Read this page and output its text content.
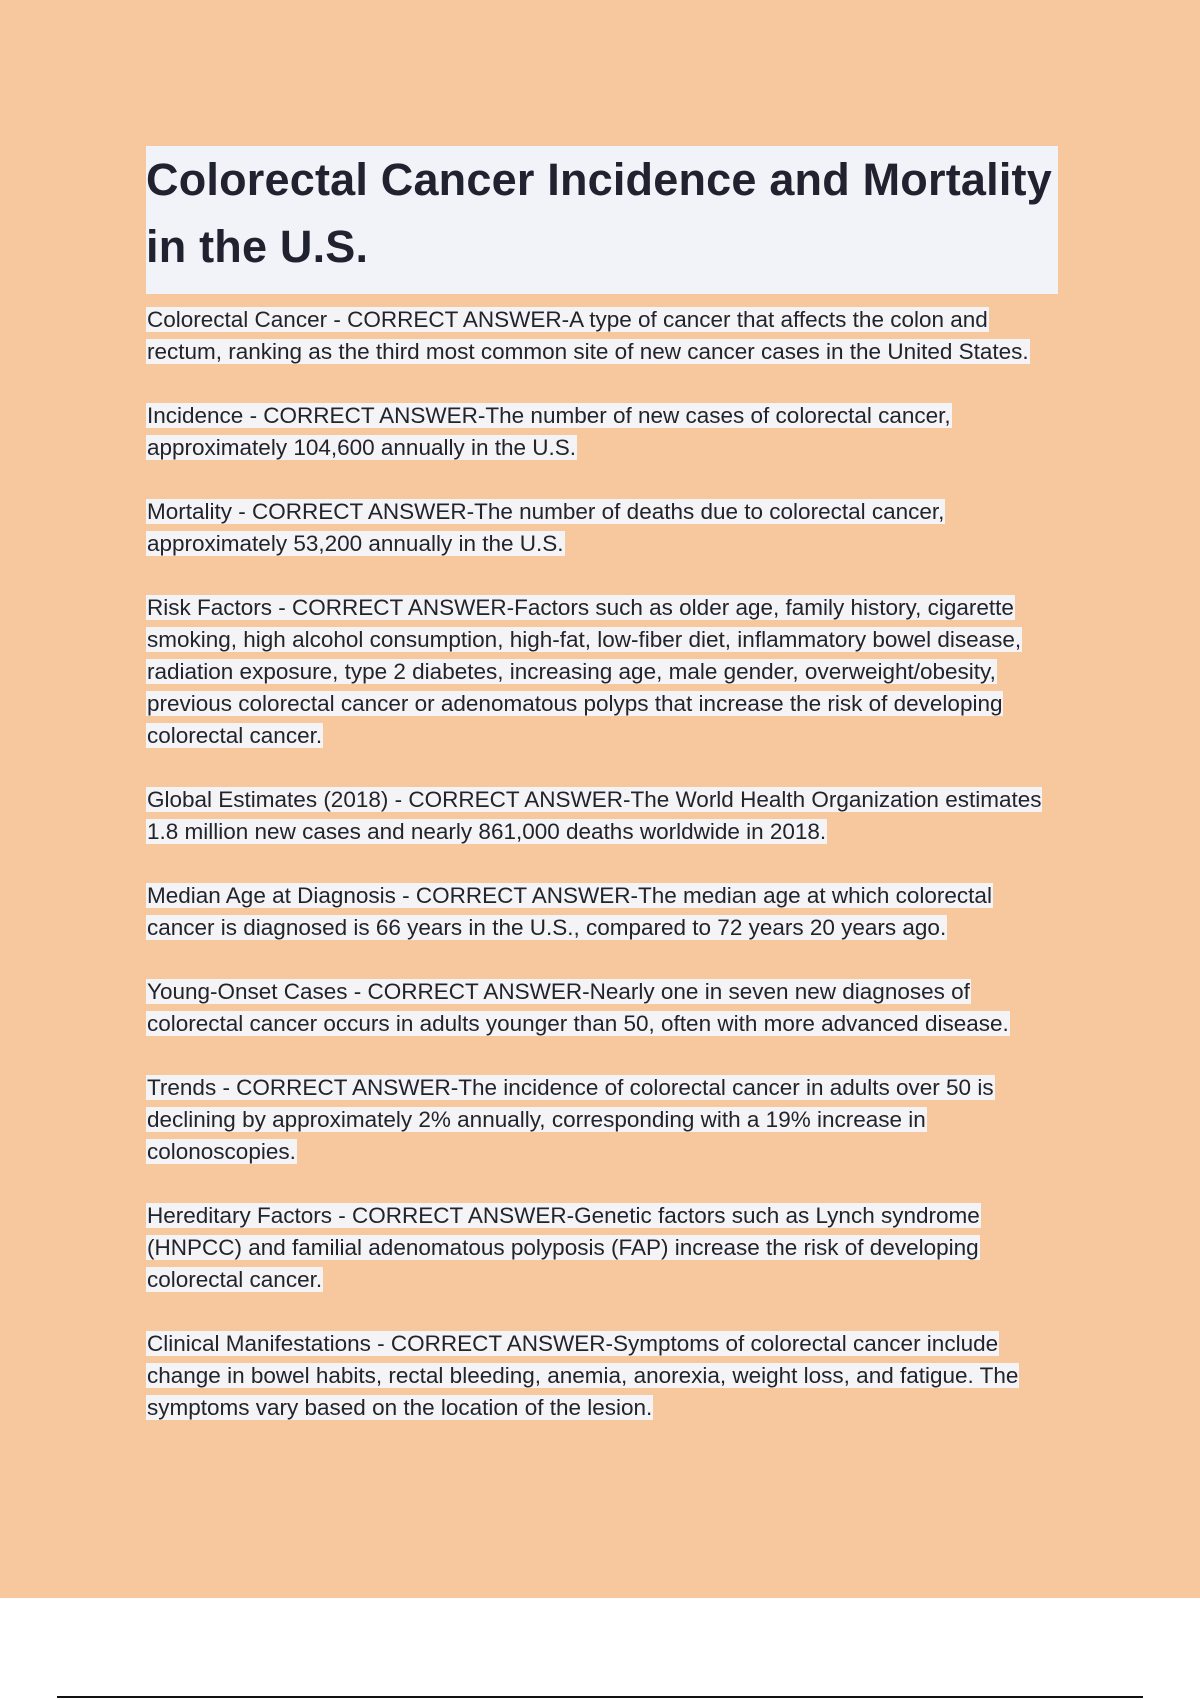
Colorectal Cancer Incidence and Mortality in the U.S.

Colorectal Cancer - CORRECT ANSWER-A type of cancer that affects the colon and rectum, ranking as the third most common site of new cancer cases in the United States.

Incidence - CORRECT ANSWER-The number of new cases of colorectal cancer, approximately 104,600 annually in the U.S.

Mortality - CORRECT ANSWER-The number of deaths due to colorectal cancer, approximately 53,200 annually in the U.S.

Risk Factors - CORRECT ANSWER-Factors such as older age, family history, cigarette smoking, high alcohol consumption, high-fat, low-fiber diet, inflammatory bowel disease, radiation exposure, type 2 diabetes, increasing age, male gender, overweight/obesity, previous colorectal cancer or adenomatous polyps that increase the risk of developing colorectal cancer.

Global Estimates (2018) - CORRECT ANSWER-The World Health Organization estimates 1.8 million new cases and nearly 861,000 deaths worldwide in 2018.

Median Age at Diagnosis - CORRECT ANSWER-The median age at which colorectal cancer is diagnosed is 66 years in the U.S., compared to 72 years 20 years ago.

Young-Onset Cases - CORRECT ANSWER-Nearly one in seven new diagnoses of colorectal cancer occurs in adults younger than 50, often with more advanced disease.

Trends - CORRECT ANSWER-The incidence of colorectal cancer in adults over 50 is declining by approximately 2% annually, corresponding with a 19% increase in colonoscopies.

Hereditary Factors - CORRECT ANSWER-Genetic factors such as Lynch syndrome (HNPCC) and familial adenomatous polyposis (FAP) increase the risk of developing colorectal cancer.

Clinical Manifestations - CORRECT ANSWER-Symptoms of colorectal cancer include change in bowel habits, rectal bleeding, anemia, anorexia, weight loss, and fatigue. The symptoms vary based on the location of the lesion.
